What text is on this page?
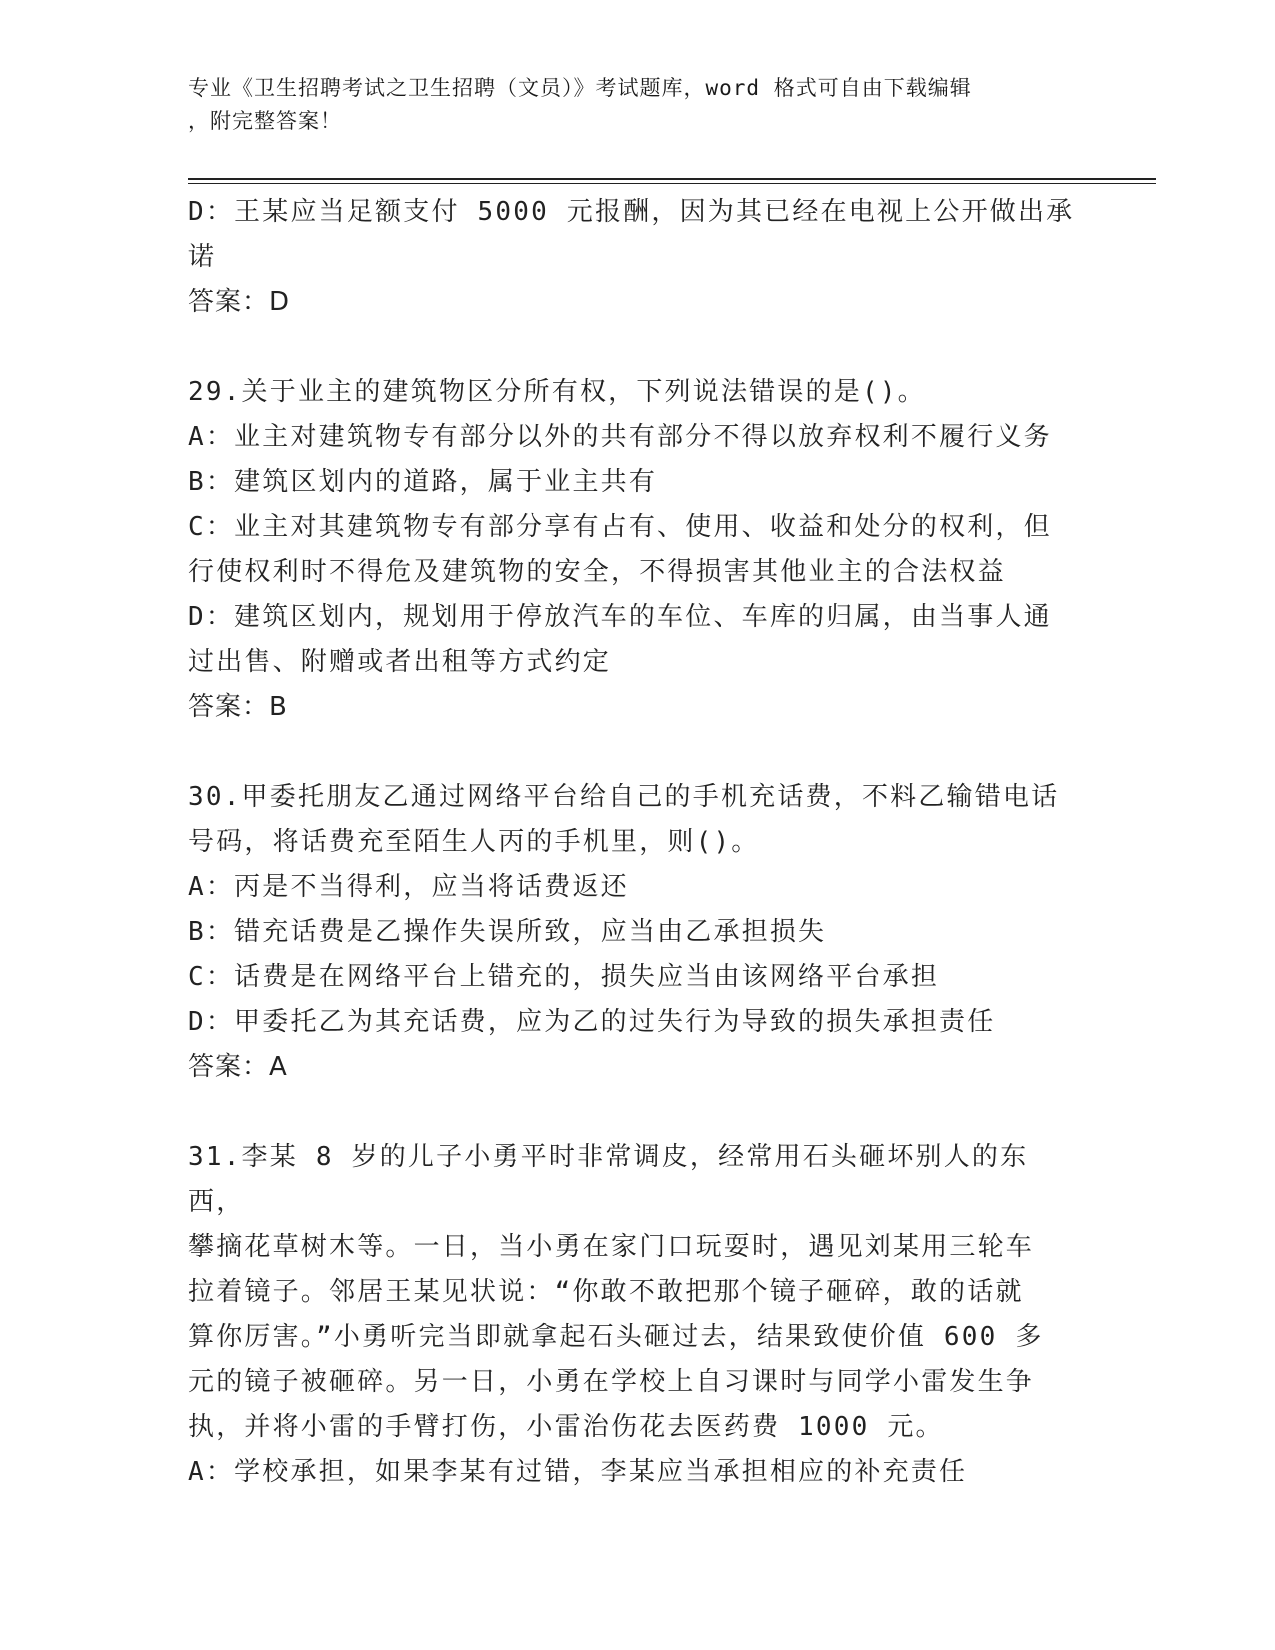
专业《卫生招聘考试之卫生招聘（文员）》考试题库，word 格式可自由下载编辑
，附完整答案！
D：王某应当足额支付 5000 元报酬，因为其已经在电视上公开做出承
诺
答案：D
29.关于业主的建筑物区分所有权，下列说法错误的是()。
A：业主对建筑物专有部分以外的共有部分不得以放弃权利不履行义务
B：建筑区划内的道路，属于业主共有
C：业主对其建筑物专有部分享有占有、使用、收益和处分的权利，但
行使权利时不得危及建筑物的安全，不得损害其他业主的合法权益
D：建筑区划内，规划用于停放汽车的车位、车库的归属，由当事人通
过出售、附赠或者出租等方式约定
答案：B
30.甲委托朋友乙通过网络平台给自己的手机充话费，不料乙输错电话
号码，将话费充至陌生人丙的手机里，则()。
A：丙是不当得利，应当将话费返还
B：错充话费是乙操作失误所致，应当由乙承担损失
C：话费是在网络平台上错充的，损失应当由该网络平台承担
D：甲委托乙为其充话费，应为乙的过失行为导致的损失承担责任
答案：A
31.李某 8 岁的儿子小勇平时非常调皮，经常用石头砸坏别人的东西，
攀摘花草树木等。一日，当小勇在家门口玩耍时，遇见刘某用三轮车
拉着镜子。邻居王某见状说：“你敢不敢把那个镜子砸碎，敢的话就
算你厉害。”小勇听完当即就拿起石头砸过去，结果致使价值 600 多
元的镜子被砸碎。另一日，小勇在学校上自习课时与同学小雷发生争
执，并将小雷的手臂打伤，小雷治伤花去医药费 1000 元。
A：学校承担，如果李某有过错，李某应当承担相应的补充责任
